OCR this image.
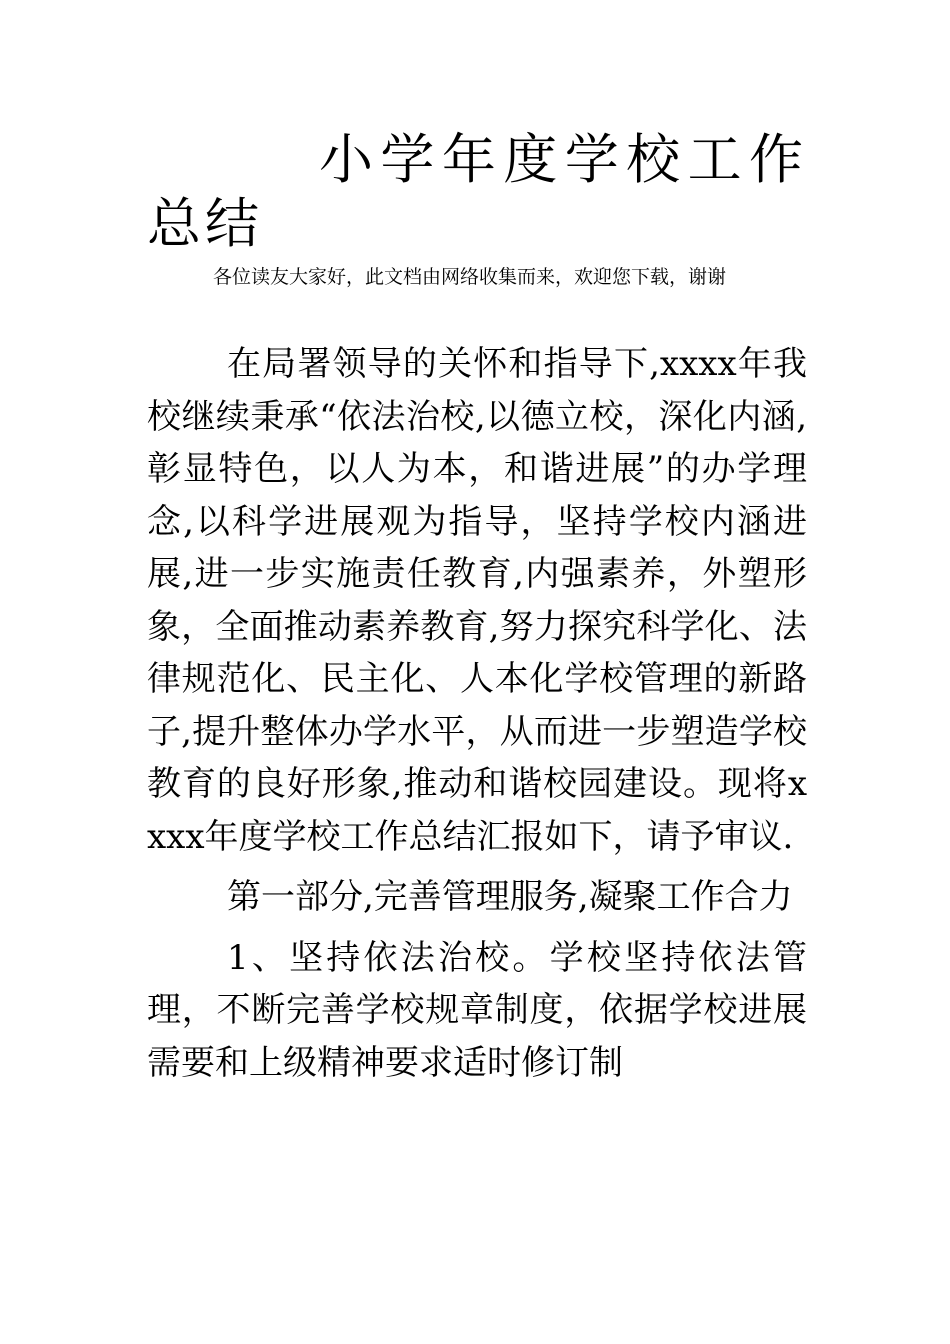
小学年度学校工作总结

各位读友大家好，此文档由网络收集而来，欢迎您下载，谢谢

在局署领导的关怀和指导下,xxxx年我校继续秉承“依法治校,以德立校，深化内涵,彰显特色，以人为本，和谐进展”的办学理念,以科学进展观为指导，坚持学校内涵进展,进一步实施责任教育,内强素养，外塑形象，全面推动素养教育,努力探究科学化、法律规范化、民主化、人本化学校管理的新路子,提升整体办学水平，从而进一步塑造学校教育的良好形象,推动和谐校园建设。现将xxxx年度学校工作总结汇报如下，请予审议.

第一部分,完善管理服务,凝聚工作合力

1、坚持依法治校。学校坚持依法管理，不断完善学校规章制度，依据学校进展需要和上级精神要求适时修订制
